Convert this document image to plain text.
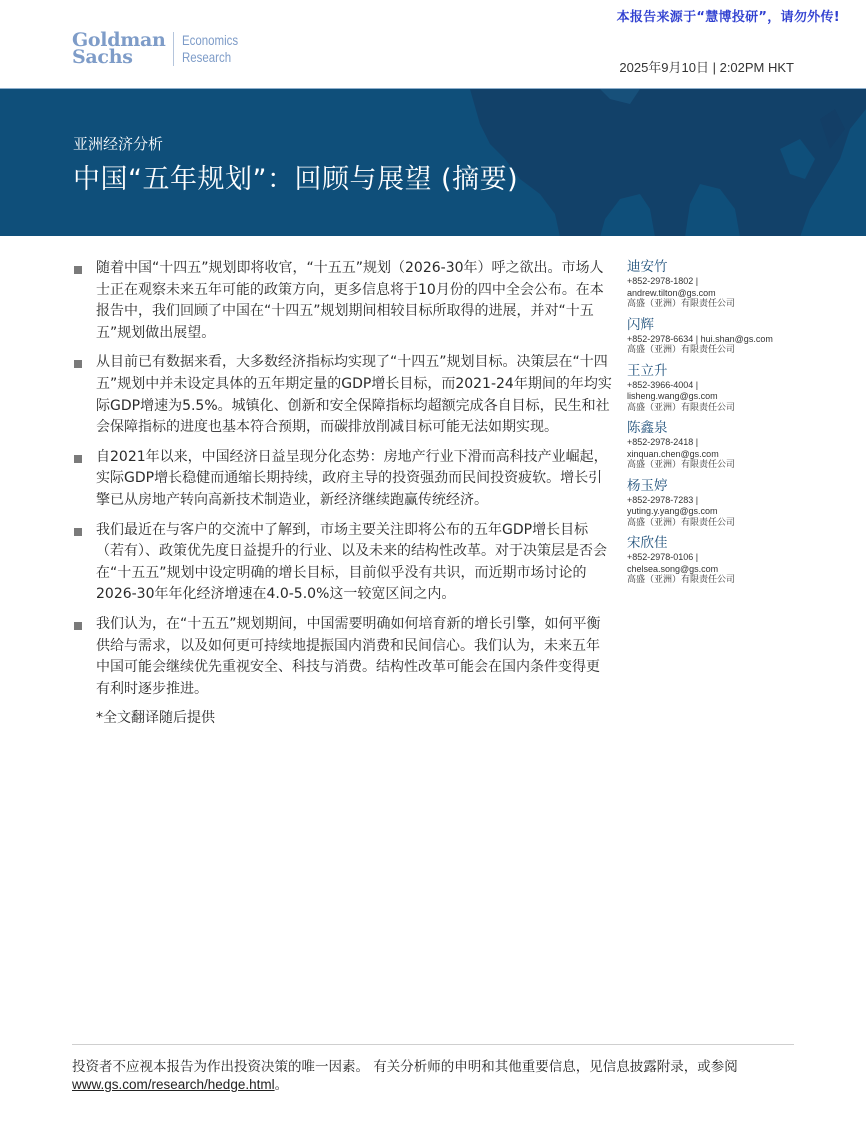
本报告来源于“慧博投研”，请勿外传!
Goldman
Sachs
Economics
Research
2025年9月10日 | 2:02PM HKT
亚洲经济分析
中国“五年规划”：回顾与展望 (摘要)
随着中国“十四五”规划即将收官，“十五五”规划（2026-30年）呼之欲出。市场人士正在观察未来五年可能的政策方向，更多信息将于10月份的四中全会公布。在本报告中，我们回顾了中国在“十四五”规划期间相较目标所取得的进展，并对“十五五”规划做出展望。
从目前已有数据来看，大多数经济指标均实现了“十四五”规划目标。决策层在“十四五”规划中并未设定具体的五年期定量的GDP增长目标，而2021-24年期间的年均实际GDP增速为5.5%。城镇化、创新和安全保障指标均超额完成各自目标，民生和社会保障指标的进度也基本符合预期，而碳排放削减目标可能无法如期实现。
自2021年以来，中国经济日益呈现分化态势：房地产行业下滑而高科技产业崛起，实际GDP增长稳健而通缩长期持续，政府主导的投资强劲而民间投资疲软。增长引擎已从房地产转向高新技术制造业，新经济继续跑赢传统经济。
我们最近在与客户的交流中了解到，市场主要关注即将公布的五年GDP增长目标（若有）、政策优先度日益提升的行业、以及未来的结构性改革。对于决策层是否会在“十五五”规划中设定明确的增长目标，目前似乎没有共识，而近期市场讨论的2026-30年年化经济增速在4.0-5.0%这一较宽区间之内。
我们认为，在“十五五”规划期间，中国需要明确如何培育新的增长引擎，如何平衡供给与需求，以及如何更可持续地提振国内消费和民间信心。我们认为，未来五年中国可能会继续优先重视安全、科技与消费。结构性改革可能会在国内条件变得更有利时逐步推进。
*全文翻译随后提供
迪安竹
+852-2978-1802 |
andrew.tilton@gs.com
高盛（亚洲）有限责任公司
闪辉
+852-2978-6634 | hui.shan@gs.com
高盛（亚洲）有限责任公司
王立升
+852-3966-4004 |
lisheng.wang@gs.com
高盛（亚洲）有限责任公司
陈鑫泉
+852-2978-2418 |
xinquan.chen@gs.com
高盛（亚洲）有限责任公司
杨玉婷
+852-2978-7283 |
yuting.y.yang@gs.com
高盛（亚洲）有限责任公司
宋欣佳
+852-2978-0106 |
chelsea.song@gs.com
高盛（亚洲）有限责任公司
投资者不应视本报告为作出投资决策的唯一因素。 有关分析师的申明和其他重要信息，见信息披露附录，或参阅
www.gs.com/research/hedge.html。
